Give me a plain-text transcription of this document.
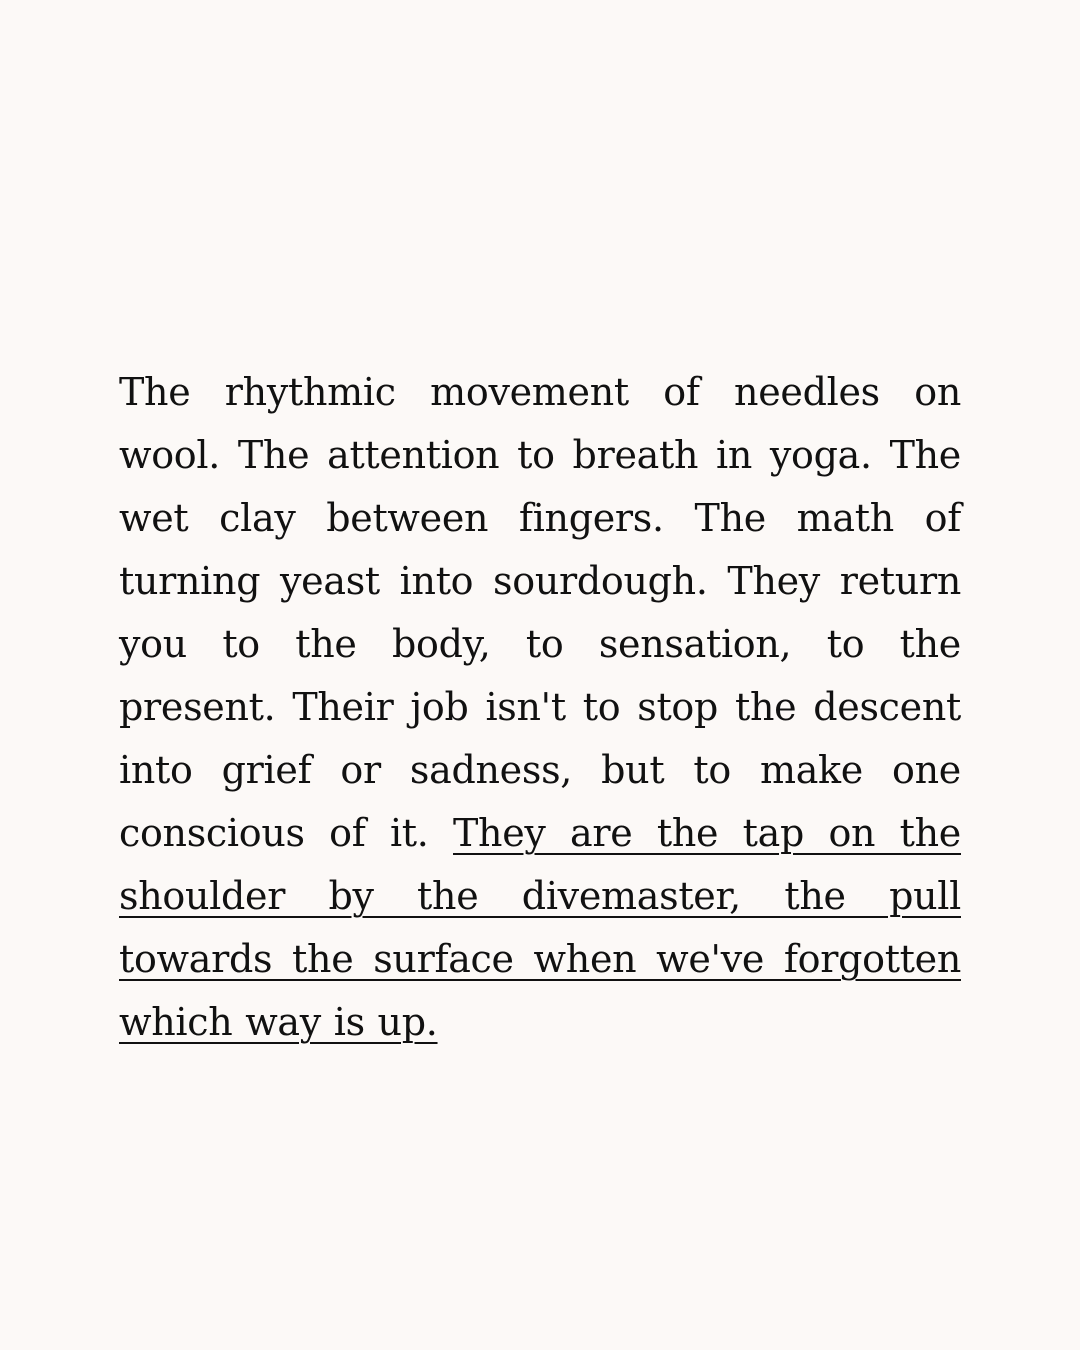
The rhythmic movement of needles on wool. The attention to breath in yoga. The wet clay between fingers. The math of turning yeast into sourdough. They return you to the body, to sensation, to the present. Their job isn't to stop the descent into grief or sadness, but to make one conscious of it. They are the tap on the shoulder by the divemaster, the pull towards the surface when we've forgotten which way is up.
